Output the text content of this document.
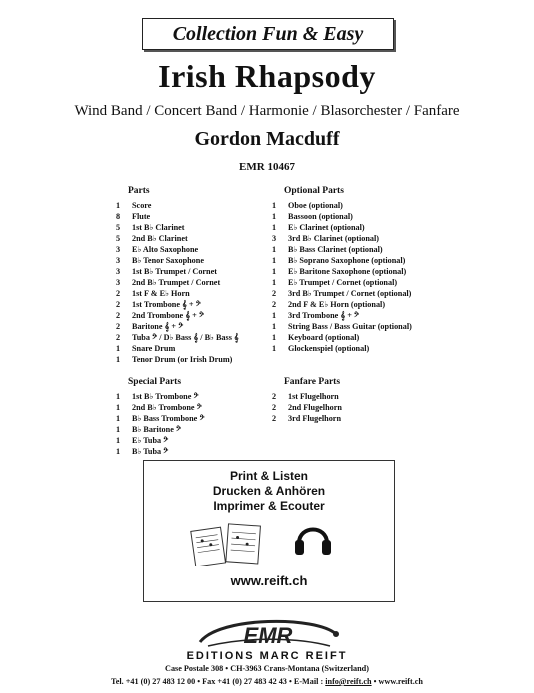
Collection Fun & Easy
Irish Rhapsody
Wind Band / Concert Band / Harmonie / Blasorchester / Fanfare
Gordon Macduff
EMR 10467
Parts
1	Score
8	Flute
5	1st B♭ Clarinet
5	2nd B♭ Clarinet
3	E♭ Alto Saxophone
3	B♭ Tenor Saxophone
3	1st B♭ Trumpet / Cornet
3	2nd B♭ Trumpet / Cornet
2	1st F & E♭ Horn
2	1st Trombone 𝄞 + 𝄢
2	2nd Trombone 𝄞 + 𝄢
2	Baritone 𝄞 + 𝄢
2	Tuba 𝄢 / D♭ Bass 𝄞 / B♭ Bass 𝄞
1	Snare Drum
1	Tenor Drum (or Irish Drum)
Optional Parts
1	Oboe (optional)
1	Bassoon (optional)
1	E♭ Clarinet (optional)
3	3rd B♭ Clarinet (optional)
1	B♭ Bass Clarinet (optional)
1	B♭ Soprano Saxophone (optional)
1	E♭ Baritone Saxophone (optional)
1	E♭ Trumpet / Cornet (optional)
2	3rd B♭ Trumpet / Cornet (optional)
2	2nd F & E♭ Horn (optional)
1	3rd Trombone 𝄞 + 𝄢
1	String Bass / Bass Guitar (optional)
1	Keyboard (optional)
1	Glockenspiel (optional)
Special Parts
1	1st B♭ Trombone 𝄢
1	2nd B♭ Trombone 𝄢
1	B♭ Bass Trombone 𝄢
1	B♭ Baritone 𝄢
1	E♭ Tuba 𝄢
1	B♭ Tuba 𝄢
Fanfare Parts
2	1st Flugelhorn
2	2nd Flugelhorn
2	3rd Flugelhorn
Print & Listen
Drucken & Anhören
Imprimer & Ecouter
www.reift.ch
EMR
EDITIONS MARC REIFT
Case Postale 308 • CH-3963 Crans-Montana (Switzerland)
Tel. +41 (0) 27 483 12 00 • Fax +41 (0) 27 483 42 43 • E-Mail : info@reift.ch • www.reift.ch
